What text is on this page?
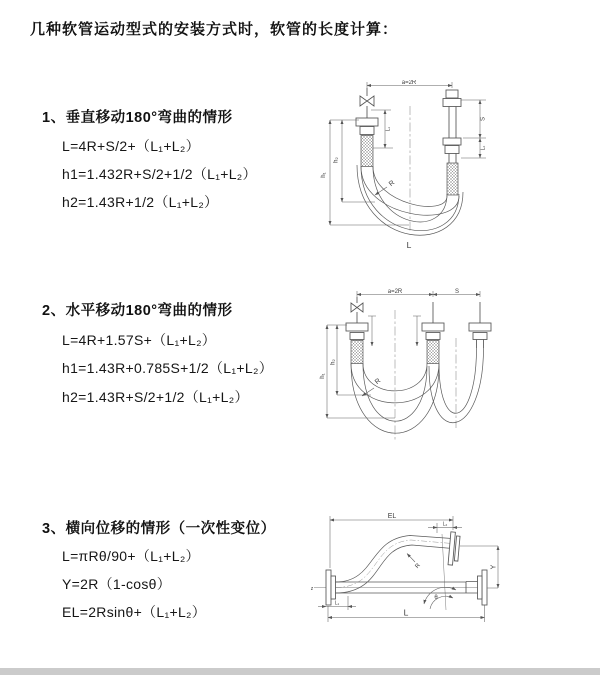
几种软管运动型式的安装方式时，软管的长度计算：
1、垂直移动180°弯曲的情形
L=4R+S/2+（L₁+L₂）
h1=1.432R+S/2+1/2（L₁+L₂）
h2=1.43R+1/2（L₁+L₂）
2、水平移动180°弯曲的情形
L=4R+1.57S+（L₁+L₂）
h1=1.43R+0.785S+1/2（L₁+L₂）
h2=1.43R+S/2+1/2（L₁+L₂）
3、横向位移的情形（一次性变位）
L=πRθ/90+（L₁+L₂）
Y=2R（1-cosθ）
EL=2Rsinθ+（L₁+L₂）
a=2R
h₁
h₂
L₁
S
L₂
R
L
a=2R	S
h₁
h₂
R
EL
L₂
Y
R
θ
L
L₁
z
